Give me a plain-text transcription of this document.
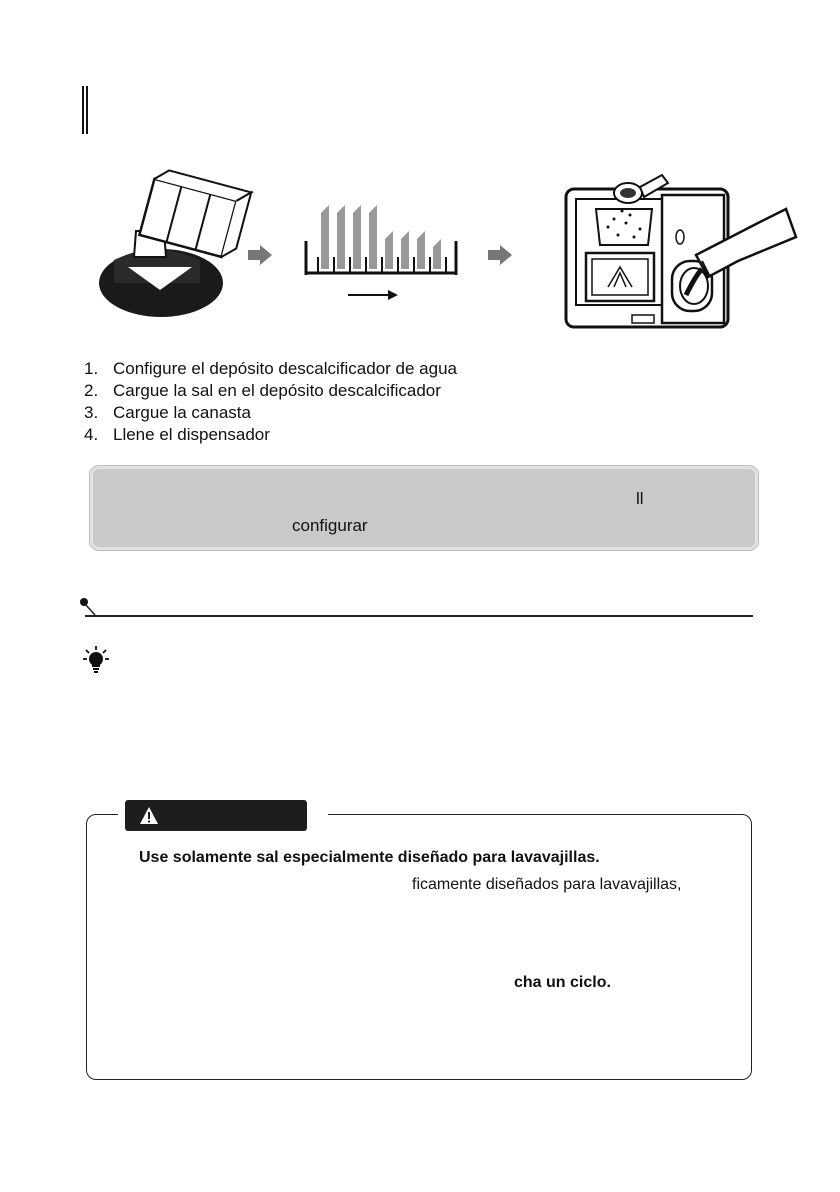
1. Configure el depósito descalcificador de agua
2. Cargue la sal en el depósito descalcificador
3. Cargue la canasta
4. Llene el dispensador
ll
configurar
Use solamente sal especialmente diseñado para lavavajillas.
ficamente diseñados para lavavajillas,
cha un ciclo.
